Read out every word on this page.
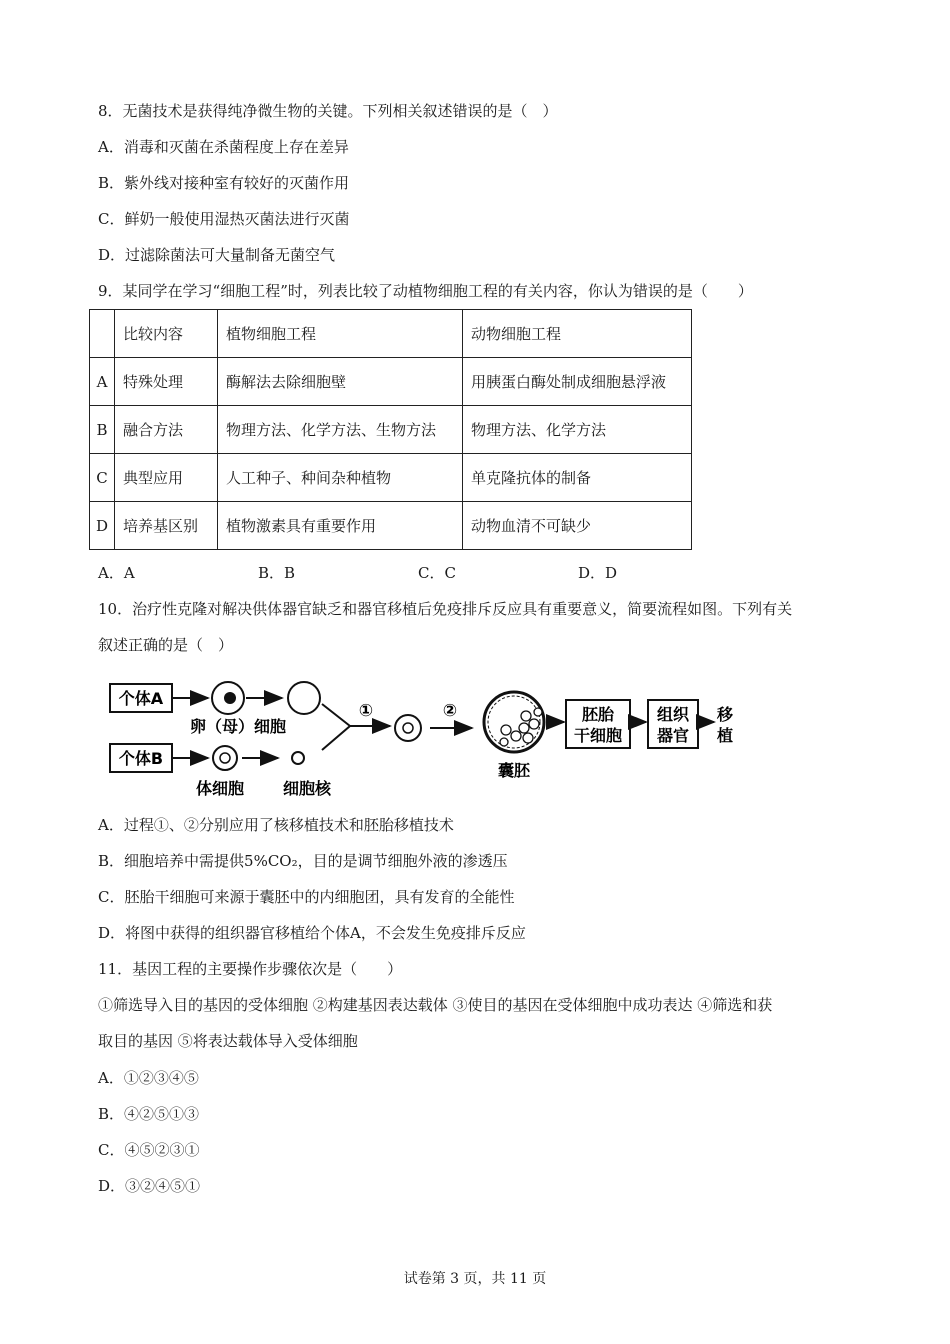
8．无菌技术是获得纯净微生物的关键。下列相关叙述错误的是（　）
A．消毒和灭菌在杀菌程度上存在差异
B．紫外线对接种室有较好的灭菌作用
C．鲜奶一般使用湿热灭菌法进行灭菌
D．过滤除菌法可大量制备无菌空气
9．某同学在学习“细胞工程”时，列表比较了动植物细胞工程的有关内容，你认为错误的是（　　）
	比较内容	植物细胞工程	动物细胞工程
A	特殊处理	酶解法去除细胞壁	用胰蛋白酶处制成细胞悬浮液
B	融合方法	物理方法、化学方法、生物方法	物理方法、化学方法
C	典型应用	人工种子、种间杂种植物	单克隆抗体的制备
D	培养基区别	植物激素具有重要作用	动物血清不可缺少
A．A	B．B	C．C	D．D
10．治疗性克隆对解决供体器官缺乏和器官移植后免疫排斥反应具有重要意义，简要流程如图。下列有关
叙述正确的是（　）
个体A
卵（母）细胞
个体B
体细胞 细胞核
①	②
囊胚
胚胎
干细胞
组织
器官
移
植
A．过程①、②分别应用了核移植技术和胚胎移植技术
B．细胞培养中需提供5%CO₂，目的是调节细胞外液的渗透压
C．胚胎干细胞可来源于囊胚中的内细胞团，具有发育的全能性
D．将图中获得的组织器官移植给个体A，不会发生免疫排斥反应
11．基因工程的主要操作步骤依次是（　　）
①筛选导入目的基因的受体细胞 ②构建基因表达载体 ③使目的基因在受体细胞中成功表达 ④筛选和获
取目的基因 ⑤将表达载体导入受体细胞
A．①②③④⑤
B．④②⑤①③
C．④⑤②③①
D．③②④⑤①
试卷第 3 页，共 11 页
